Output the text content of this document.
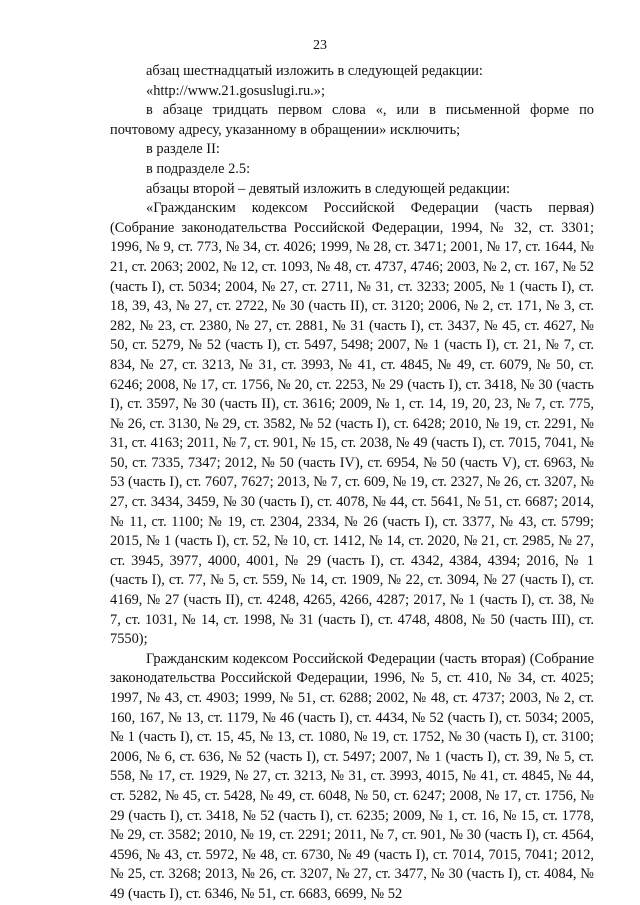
23

абзац шестнадцатый изложить в следующей редакции:

«http://www.21.gosuslugi.ru.»;

в абзаце тридцать первом слова «, или в письменной форме по почтовому адресу, указанному в обращении» исключить;

в разделе II:

в подразделе 2.5:

абзацы второй – девятый изложить в следующей редакции:

«Гражданским кодексом Российской Федерации (часть первая) (Собрание законодательства Российской Федерации, 1994, № 32, ст. 3301; 1996, № 9, ст. 773, № 34, ст. 4026; 1999, № 28, ст. 3471; 2001, № 17, ст. 1644, № 21, ст. 2063; 2002, № 12, ст. 1093, № 48, ст. 4737, 4746; 2003, № 2, ст. 167, № 52 (часть I), ст. 5034; 2004, № 27, ст. 2711, № 31, ст. 3233; 2005, № 1 (часть I), ст. 18, 39, 43, № 27, ст. 2722, № 30 (часть II), ст. 3120; 2006, № 2, ст. 171, № 3, ст. 282, № 23, ст. 2380, № 27, ст. 2881, № 31 (часть I), ст. 3437, № 45, ст. 4627, № 50, ст. 5279, № 52 (часть I), ст. 5497, 5498; 2007, № 1 (часть I), ст. 21, № 7, ст. 834, № 27, ст. 3213, № 31, ст. 3993, № 41, ст. 4845, № 49, ст. 6079, № 50, ст. 6246; 2008, № 17, ст. 1756, № 20, ст. 2253, № 29 (часть I), ст. 3418, № 30 (часть I), ст. 3597, № 30 (часть II), ст. 3616; 2009, № 1, ст. 14, 19, 20, 23, № 7, ст. 775, № 26, ст. 3130, № 29, ст. 3582, № 52 (часть I), ст. 6428; 2010, № 19, ст. 2291, № 31, ст. 4163; 2011, № 7, ст. 901, № 15, ст. 2038, № 49 (часть I), ст. 7015, 7041, № 50, ст. 7335, 7347; 2012, № 50 (часть IV), ст. 6954, № 50 (часть V), ст. 6963, № 53 (часть I), ст. 7607, 7627; 2013, № 7, ст. 609, № 19, ст. 2327, № 26, ст. 3207, № 27, ст. 3434, 3459, № 30 (часть I), ст. 4078, № 44, ст. 5641, № 51, ст. 6687; 2014, № 11, ст. 1100; № 19, ст. 2304, 2334, № 26 (часть I), ст. 3377, № 43, ст. 5799; 2015, № 1 (часть I), ст. 52, № 10, ст. 1412, № 14, ст. 2020, № 21, ст. 2985, № 27, ст. 3945, 3977, 4000, 4001, № 29 (часть I), ст. 4342, 4384, 4394; 2016, № 1 (часть I), ст. 77, № 5, ст. 559, № 14, ст. 1909, № 22, ст. 3094, № 27 (часть I), ст. 4169, № 27 (часть II), ст. 4248, 4265, 4266, 4287; 2017, № 1 (часть I), ст. 38, № 7, ст. 1031, № 14, ст. 1998, № 31 (часть I), ст. 4748, 4808, № 50 (часть III), ст. 7550);

Гражданским кодексом Российской Федерации (часть вторая) (Собрание законодательства Российской Федерации, 1996, № 5, ст. 410, № 34, ст. 4025; 1997, № 43, ст. 4903; 1999, № 51, ст. 6288; 2002, № 48, ст. 4737; 2003, № 2, ст. 160, 167, № 13, ст. 1179, № 46 (часть I), ст. 4434, № 52 (часть I), ст. 5034; 2005, № 1 (часть I), ст. 15, 45, № 13, ст. 1080, № 19, ст. 1752, № 30 (часть I), ст. 3100; 2006, № 6, ст. 636, № 52 (часть I), ст. 5497; 2007, № 1 (часть I), ст. 39, № 5, ст. 558, № 17, ст. 1929, № 27, ст. 3213, № 31, ст. 3993, 4015, № 41, ст. 4845, № 44, ст. 5282, № 45, ст. 5428, № 49, ст. 6048, № 50, ст. 6247; 2008, № 17, ст. 1756, № 29 (часть I), ст. 3418, № 52 (часть I), ст. 6235; 2009, № 1, ст. 16, № 15, ст. 1778, № 29, ст. 3582; 2010, № 19, ст. 2291; 2011, № 7, ст. 901, № 30 (часть I), ст. 4564, 4596, № 43, ст. 5972, № 48, ст. 6730, № 49 (часть I), ст. 7014, 7015, 7041; 2012, № 25, ст. 3268; 2013, № 26, ст. 3207, № 27, ст. 3477, № 30 (часть I), ст. 4084, № 49 (часть I), ст. 6346, № 51, ст. 6683, 6699, № 52
